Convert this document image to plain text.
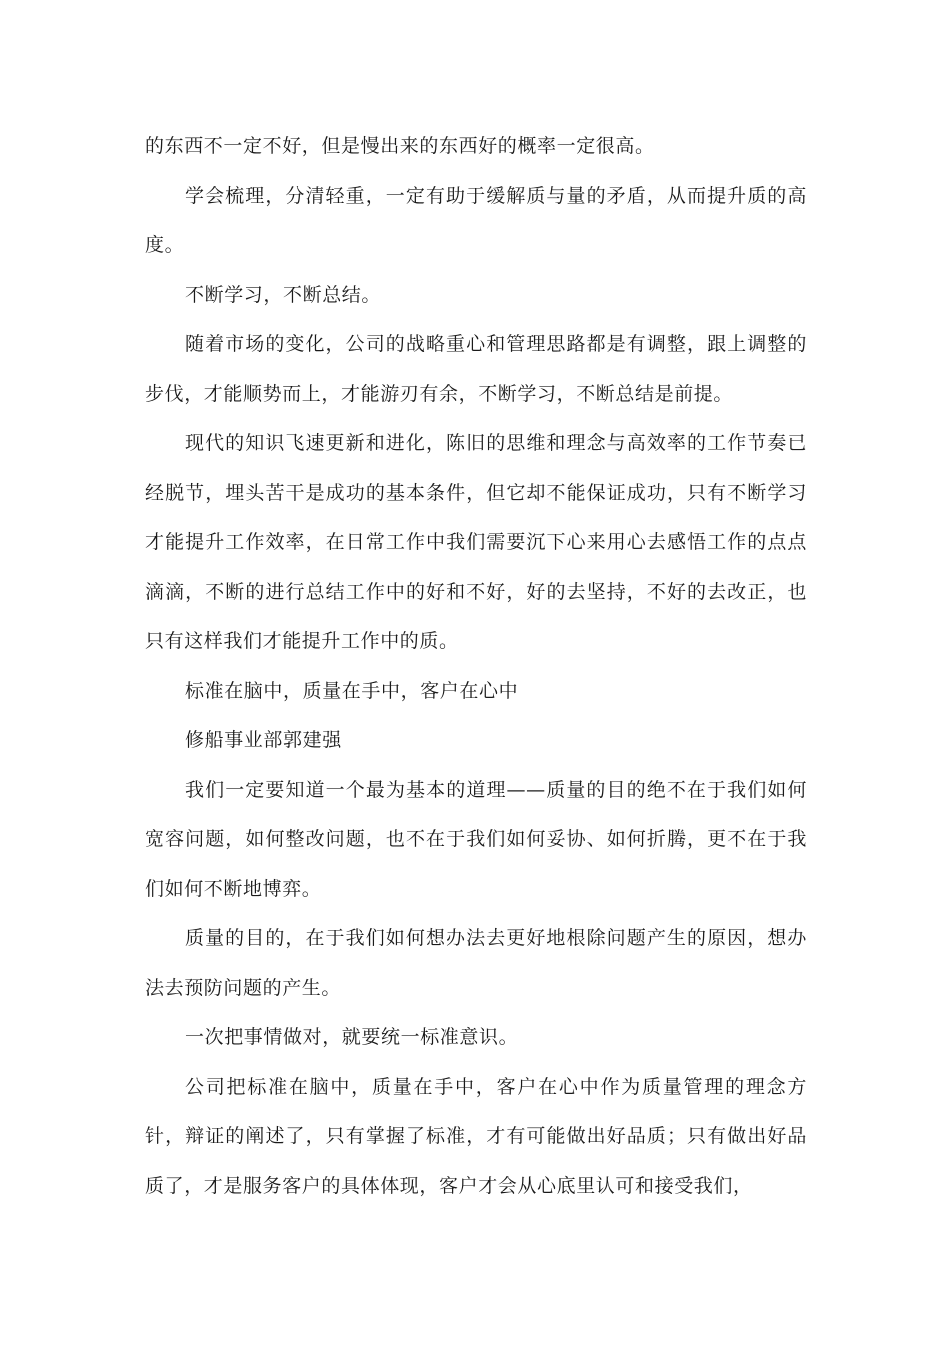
的东西不一定不好，但是慢出来的东西好的概率一定很高。

学会梳理，分清轻重，一定有助于缓解质与量的矛盾，从而提升质的高度。

不断学习，不断总结。

随着市场的变化，公司的战略重心和管理思路都是有调整，跟上调整的步伐，才能顺势而上，才能游刃有余，不断学习，不断总结是前提。

现代的知识飞速更新和进化，陈旧的思维和理念与高效率的工作节奏已经脱节，埋头苦干是成功的基本条件，但它却不能保证成功，只有不断学习才能提升工作效率，在日常工作中我们需要沉下心来用心去感悟工作的点点滴滴，不断的进行总结工作中的好和不好，好的去坚持，不好的去改正，也只有这样我们才能提升工作中的质。

标准在脑中，质量在手中，客户在心中

修船事业部郭建强

我们一定要知道一个最为基本的道理——质量的目的绝不在于我们如何宽容问题，如何整改问题，也不在于我们如何妥协、如何折腾，更不在于我们如何不断地博弈。

质量的目的，在于我们如何想办法去更好地根除问题产生的原因，想办法去预防问题的产生。

一次把事情做对，就要统一标准意识。

公司把标准在脑中，质量在手中，客户在心中作为质量管理的理念方针，辩证的阐述了，只有掌握了标准，才有可能做出好品质；只有做出好品质了，才是服务客户的具体体现，客户才会从心底里认可和接受我们，
